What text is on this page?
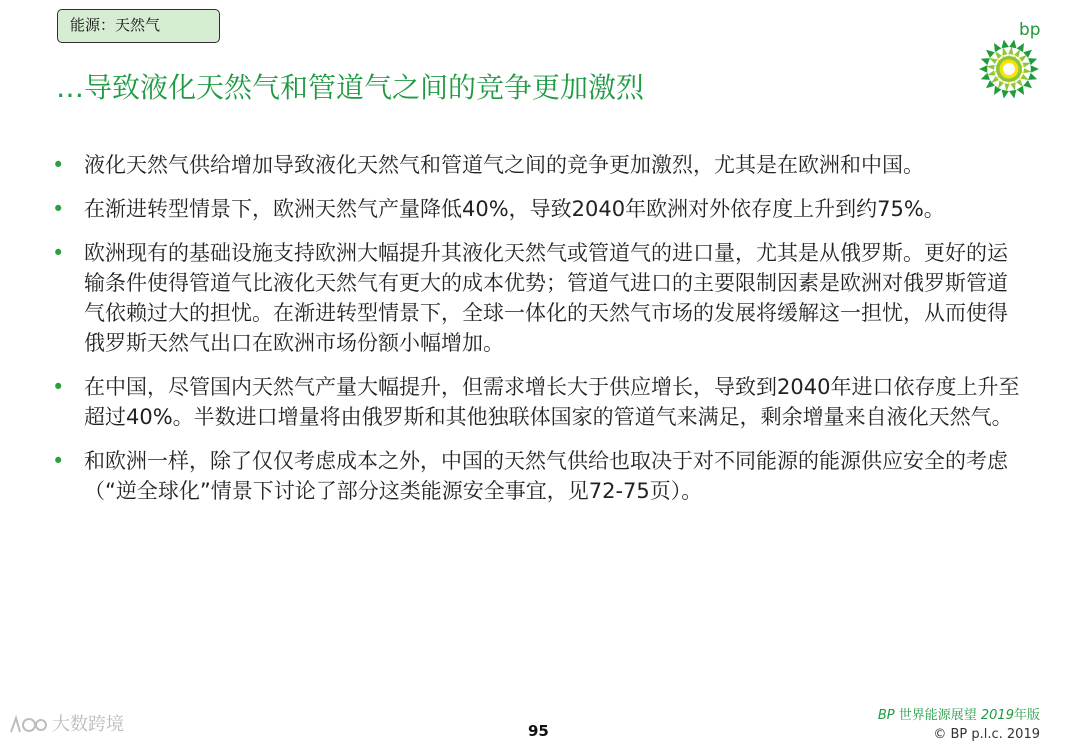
能源：天然气	bp
…导致液化天然气和管道气之间的竞争更加激烈
• 液化天然气供给增加导致液化天然气和管道气之间的竞争更加激烈，尤其是在欧洲和中国。
• 在渐进转型情景下，欧洲天然气产量降低40%，导致2040年欧洲对外依存度上升到约75%。
• 欧洲现有的基础设施支持欧洲大幅提升其液化天然气或管道气的进口量，尤其是从俄罗斯。更好的运输条件使得管道气比液化天然气有更大的成本优势；管道气进口的主要限制因素是欧洲对俄罗斯管道气依赖过大的担忧。在渐进转型情景下，全球一体化的天然气市场的发展将缓解这一担忧，从而使得俄罗斯天然气出口在欧洲市场份额小幅增加。
• 在中国，尽管国内天然气产量大幅提升，但需求增长大于供应增长，导致到2040年进口依存度上升至超过40%。半数进口增量将由俄罗斯和其他独联体国家的管道气来满足，剩余增量来自液化天然气。
• 和欧洲一样，除了仅仅考虑成本之外，中国的天然气供给也取决于对不同能源的能源供应安全的考虑（“逆全球化”情景下讨论了部分这类能源安全事宜，见72-75页）。
大数跨境	95
BP 世界能源展望 2019年版
© BP p.l.c. 2019
